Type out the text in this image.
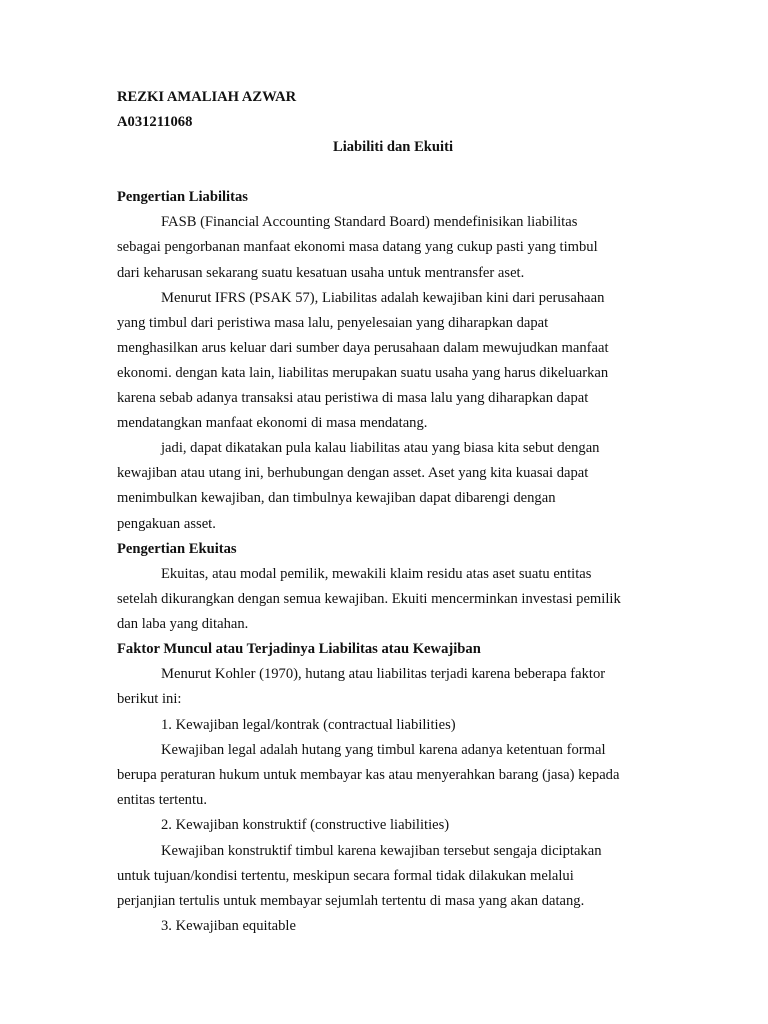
REZKI AMALIAH AZWAR
A031211068
Liabiliti dan Ekuiti
Pengertian Liabilitas
FASB (Financial Accounting Standard Board) mendefinisikan liabilitas
sebagai pengorbanan manfaat ekonomi masa datang yang cukup pasti yang timbul
dari keharusan sekarang suatu kesatuan usaha untuk mentransfer aset.
Menurut IFRS (PSAK 57), Liabilitas adalah kewajiban kini dari perusahaan
yang timbul dari peristiwa masa lalu, penyelesaian yang diharapkan dapat
menghasilkan arus keluar dari sumber daya perusahaan dalam mewujudkan manfaat
ekonomi. dengan kata lain, liabilitas merupakan suatu usaha yang harus dikeluarkan
karena sebab adanya transaksi atau peristiwa di masa lalu yang diharapkan dapat
mendatangkan manfaat ekonomi di masa mendatang.
jadi, dapat dikatakan pula kalau liabilitas atau yang biasa kita sebut dengan
kewajiban atau utang ini, berhubungan dengan asset. Aset yang kita kuasai dapat
menimbulkan kewajiban, dan timbulnya kewajiban dapat dibarengi dengan
pengakuan asset.
Pengertian Ekuitas
Ekuitas, atau modal pemilik, mewakili klaim residu atas aset suatu entitas
setelah dikurangkan dengan semua kewajiban. Ekuiti mencerminkan investasi pemilik
dan laba yang ditahan.
Faktor Muncul atau Terjadinya Liabilitas atau Kewajiban
Menurut Kohler (1970), hutang atau liabilitas terjadi karena beberapa faktor
berikut ini:
1. Kewajiban legal/kontrak (contractual liabilities)
Kewajiban legal adalah hutang yang timbul karena adanya ketentuan formal
berupa peraturan hukum untuk membayar kas atau menyerahkan barang (jasa) kepada
entitas tertentu.
2. Kewajiban konstruktif (constructive liabilities)
Kewajiban konstruktif timbul karena kewajiban tersebut sengaja diciptakan
untuk tujuan/kondisi tertentu, meskipun secara formal tidak dilakukan melalui
perjanjian tertulis untuk membayar sejumlah tertentu di masa yang akan datang.
3. Kewajiban equitable
